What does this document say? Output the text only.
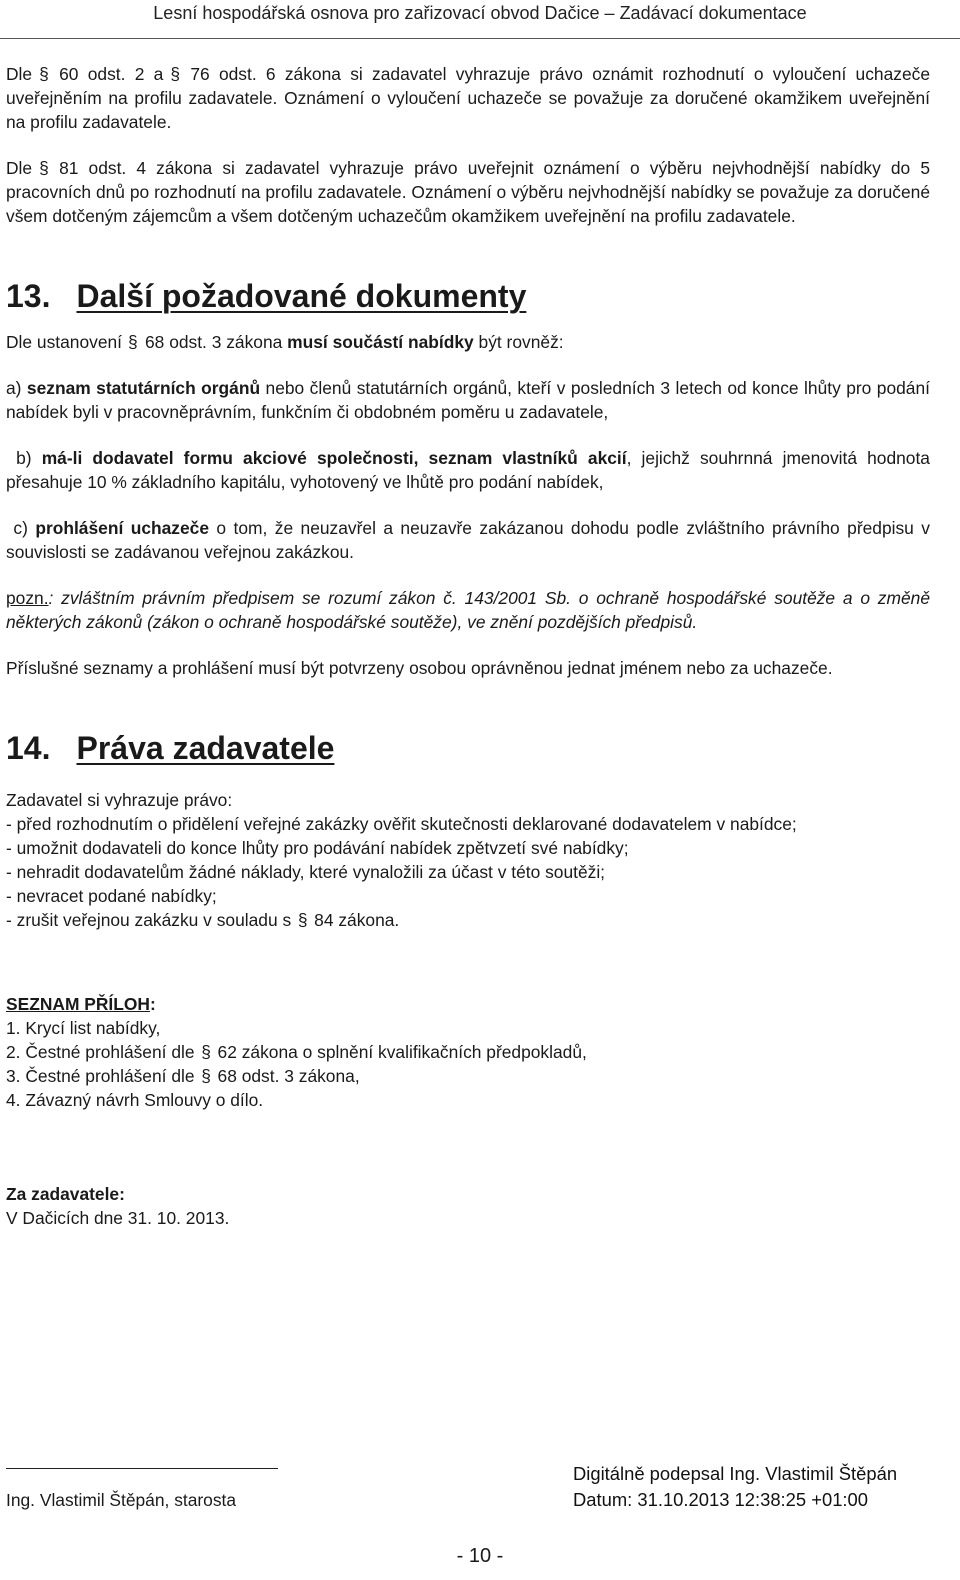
Lesní hospodářská osnova pro zařizovací obvod Dačice – Zadávací dokumentace

Dle § 60 odst. 2 a § 76 odst. 6 zákona si zadavatel vyhrazuje právo oznámit rozhodnutí o vyloučení uchazeče uveřejněním na profilu zadavatele. Oznámení o vyloučení uchazeče se považuje za doručené okamžikem uveřejnění na profilu zadavatele.

Dle § 81 odst. 4 zákona si zadavatel vyhrazuje právo uveřejnit oznámení o výběru nejvhodnější nabídky do 5 pracovních dnů po rozhodnutí na profilu zadavatele. Oznámení o výběru nejvhodnější nabídky se považuje za doručené všem dotčeným zájemcům a všem dotčeným uchazečům okamžikem uveřejnění na profilu zadavatele.

13. Další požadované dokumenty

Dle ustanovení § 68 odst. 3 zákona musí součástí nabídky být rovněž:

a) seznam statutárních orgánů nebo členů statutárních orgánů, kteří v posledních 3 letech od konce lhůty pro podání nabídek byli v pracovněprávním, funkčním či obdobném poměru u zadavatele,

b) má-li dodavatel formu akciové společnosti, seznam vlastníků akcií, jejichž souhrnná jmenovitá hodnota přesahuje 10 % základního kapitálu, vyhotovený ve lhůtě pro podání nabídek,

c) prohlášení uchazeče o tom, že neuzavřel a neuzavře zakázanou dohodu podle zvláštního právního předpisu v souvislosti se zadávanou veřejnou zakázkou.

pozn.: zvláštním právním předpisem se rozumí zákon č. 143/2001 Sb. o ochraně hospodářské soutěže a o změně některých zákonů (zákon o ochraně hospodářské soutěže), ve znění pozdějších předpisů.

Příslušné seznamy a prohlášení musí být potvrzeny osobou oprávněnou jednat jménem nebo za uchazeče.

14. Práva zadavatele

Zadavatel si vyhrazuje právo:

- před rozhodnutím o přidělení veřejné zakázky ověřit skutečnosti deklarované dodavatelem v nabídce;

- umožnit dodavateli do konce lhůty pro podávání nabídek zpětvzetí své nabídky;

- nehradit dodavatelům žádné náklady, které vynaložili za účast v této soutěži;

- nevracet podané nabídky;

- zrušit veřejnou zakázku v souladu s § 84 zákona.

SEZNAM PŘÍLOH:

1. Krycí list nabídky,

2. Čestné prohlášení dle § 62 zákona o splnění kvalifikačních předpokladů,

3. Čestné prohlášení dle § 68 odst. 3 zákona,

4. Závazný návrh Smlouvy o dílo.

Za zadavatele:

V Dačicích dne 31. 10. 2013.

Ing. Vlastimil Štěpán, starosta
Digitálně podepsal Ing. Vlastimil Štěpán
Datum: 31.10.2013 12:38:25 +01:00
- 10 -
